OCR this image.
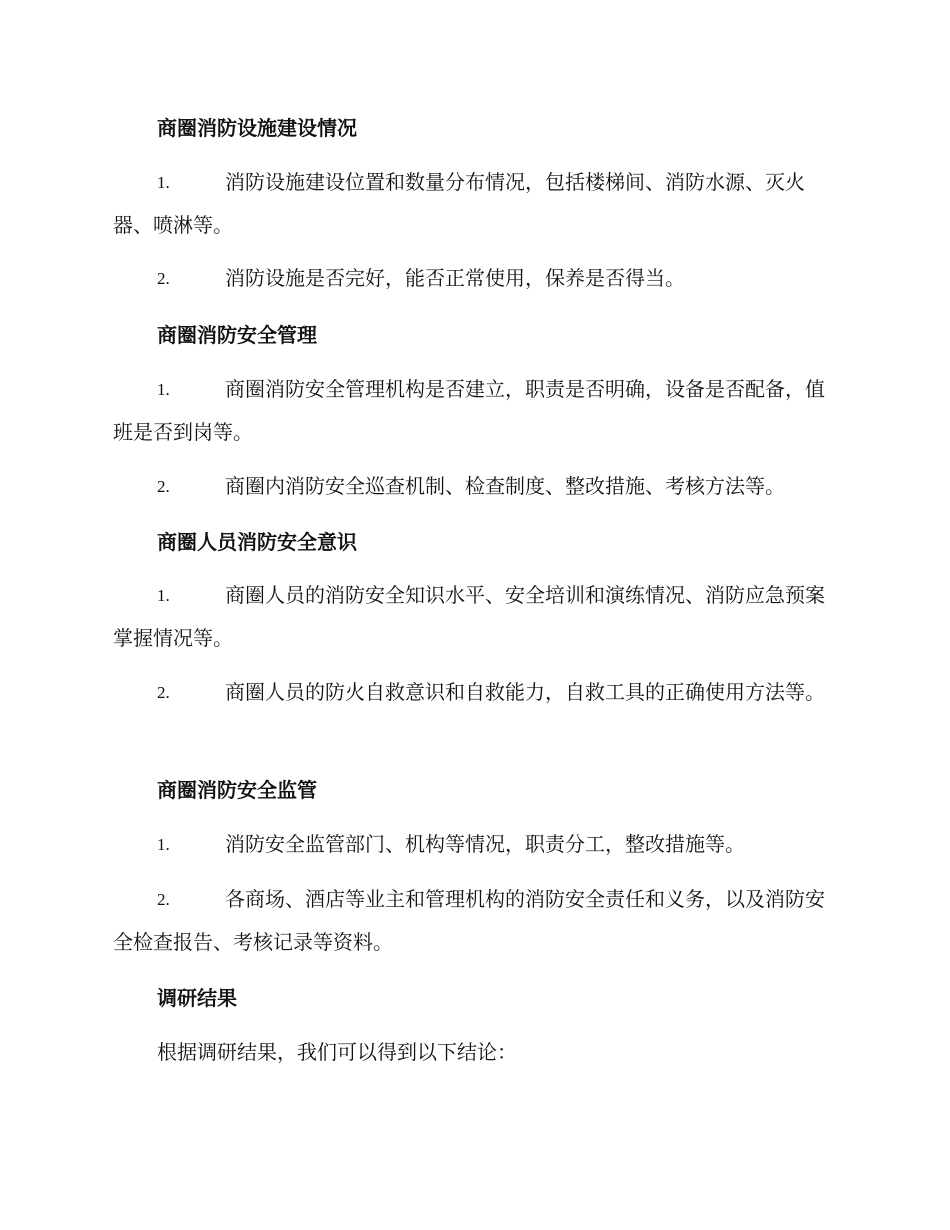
商圈消防设施建设情况
1.	消防设施建设位置和数量分布情况，包括楼梯间、消防水源、灭火器、喷淋等。

2.	消防设施是否完好，能否正常使用，保养是否得当。

商圈消防安全管理
1.	商圈消防安全管理机构是否建立，职责是否明确，设备是否配备，值班是否到岗等。

2.	商圈内消防安全巡查机制、检查制度、整改措施、考核方法等。

商圈人员消防安全意识
1.	商圈人员的消防安全知识水平、安全培训和演练情况、消防应急预案掌握情况等。

2.	商圈人员的防火自救意识和自救能力，自救工具的正确使用方法等。

商圈消防安全监管
1.	消防安全监管部门、机构等情况，职责分工，整改措施等。

2.	各商场、酒店等业主和管理机构的消防安全责任和义务，以及消防安全检查报告、考核记录等资料。

调研结果
根据调研结果，我们可以得到以下结论：
